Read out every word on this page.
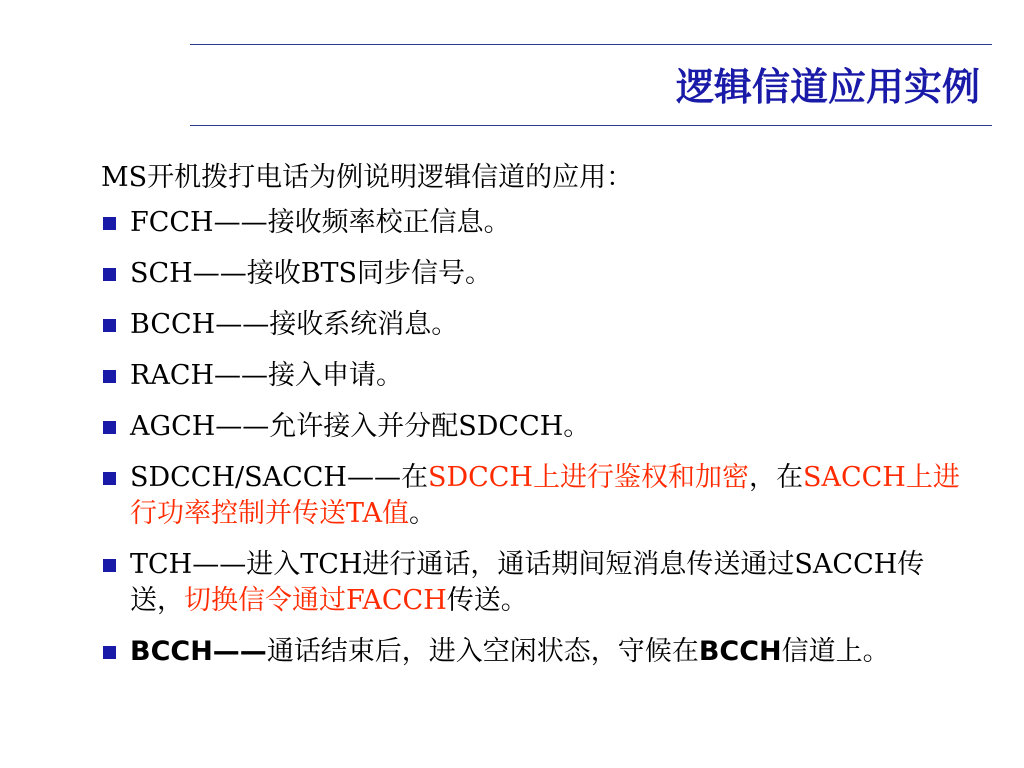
逻辑信道应用实例
MS开机拨打电话为例说明逻辑信道的应用：
FCCH——接收频率校正信息。
SCH——接收BTS同步信号。
BCCH——接收系统消息。
RACH——接入申请。
AGCH——允许接入并分配SDCCH。
SDCCH/SACCH——在SDCCH上进行鉴权和加密，在SACCH上进行功率控制并传送TA值。
TCH——进入TCH进行通话，通话期间短消息传送通过SACCH传送，切换信令通过FACCH传送。
BCCH——通话结束后，进入空闲状态，守候在BCCH信道上。
